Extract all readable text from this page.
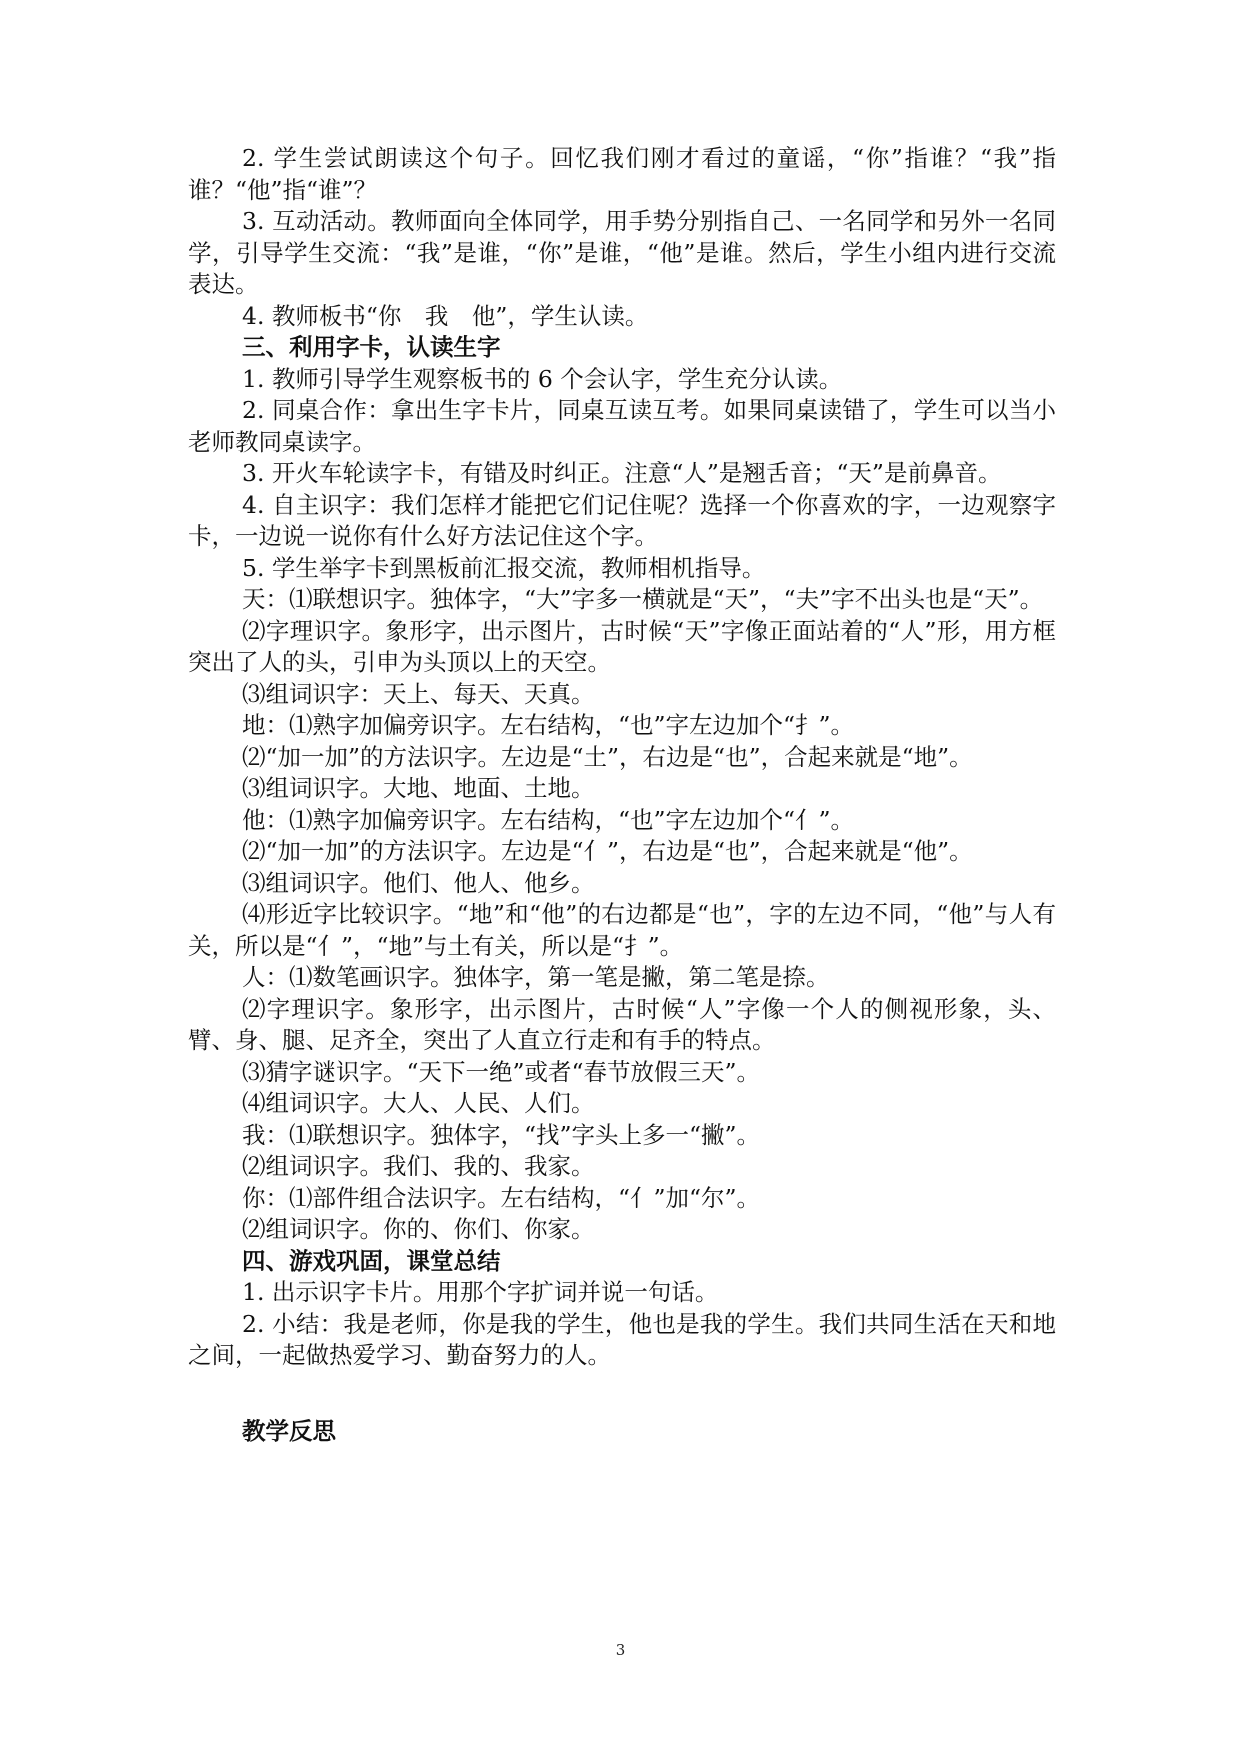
2. 学生尝试朗读这个句子。回忆我们刚才看过的童谣，“你”指谁？“我”指谁？“他”指“谁”？

3. 互动活动。教师面向全体同学，用手势分别指自己、一名同学和另外一名同学，引导学生交流：“我”是谁，“你”是谁，“他”是谁。然后，学生小组内进行交流表达。

4. 教师板书“你　我　他”，学生认读。

三、利用字卡，认读生字

1. 教师引导学生观察板书的 6 个会认字，学生充分认读。

2. 同桌合作：拿出生字卡片，同桌互读互考。如果同桌读错了，学生可以当小老师教同桌读字。

3. 开火车轮读字卡，有错及时纠正。注意“人”是翘舌音；“天”是前鼻音。

4. 自主识字：我们怎样才能把它们记住呢？选择一个你喜欢的字，一边观察字卡，一边说一说你有什么好方法记住这个字。

5. 学生举字卡到黑板前汇报交流，教师相机指导。

天：⑴联想识字。独体字，“大”字多一横就是“天”，“夫”字不出头也是“天”。

⑵字理识字。象形字，出示图片，古时候“天”字像正面站着的“人”形，用方框突出了人的头，引申为头顶以上的天空。

⑶组词识字：天上、每天、天真。

地：⑴熟字加偏旁识字。左右结构，“也”字左边加个“扌”。

⑵“加一加”的方法识字。左边是“土”，右边是“也”，合起来就是“地”。

⑶组词识字。大地、地面、土地。

他：⑴熟字加偏旁识字。左右结构，“也”字左边加个“亻”。

⑵“加一加”的方法识字。左边是“亻”，右边是“也”，合起来就是“他”。

⑶组词识字。他们、他人、他乡。

⑷形近字比较识字。“地”和“他”的右边都是“也”，字的左边不同，“他”与人有关，所以是“亻”，“地”与土有关，所以是“扌”。

人：⑴数笔画识字。独体字，第一笔是撇，第二笔是捺。

⑵字理识字。象形字，出示图片，古时候“人”字像一个人的侧视形象，头、臂、身、腿、足齐全，突出了人直立行走和有手的特点。

⑶猜字谜识字。“天下一绝”或者“春节放假三天”。

⑷组词识字。大人、人民、人们。

我：⑴联想识字。独体字，“找”字头上多一“撇”。

⑵组词识字。我们、我的、我家。

你：⑴部件组合法识字。左右结构，“亻”加“尔”。

⑵组词识字。你的、你们、你家。

四、游戏巩固，课堂总结

1. 出示识字卡片。用那个字扩词并说一句话。

2. 小结：我是老师，你是我的学生，他也是我的学生。我们共同生活在天和地之间，一起做热爱学习、勤奋努力的人。

教学反思

3
